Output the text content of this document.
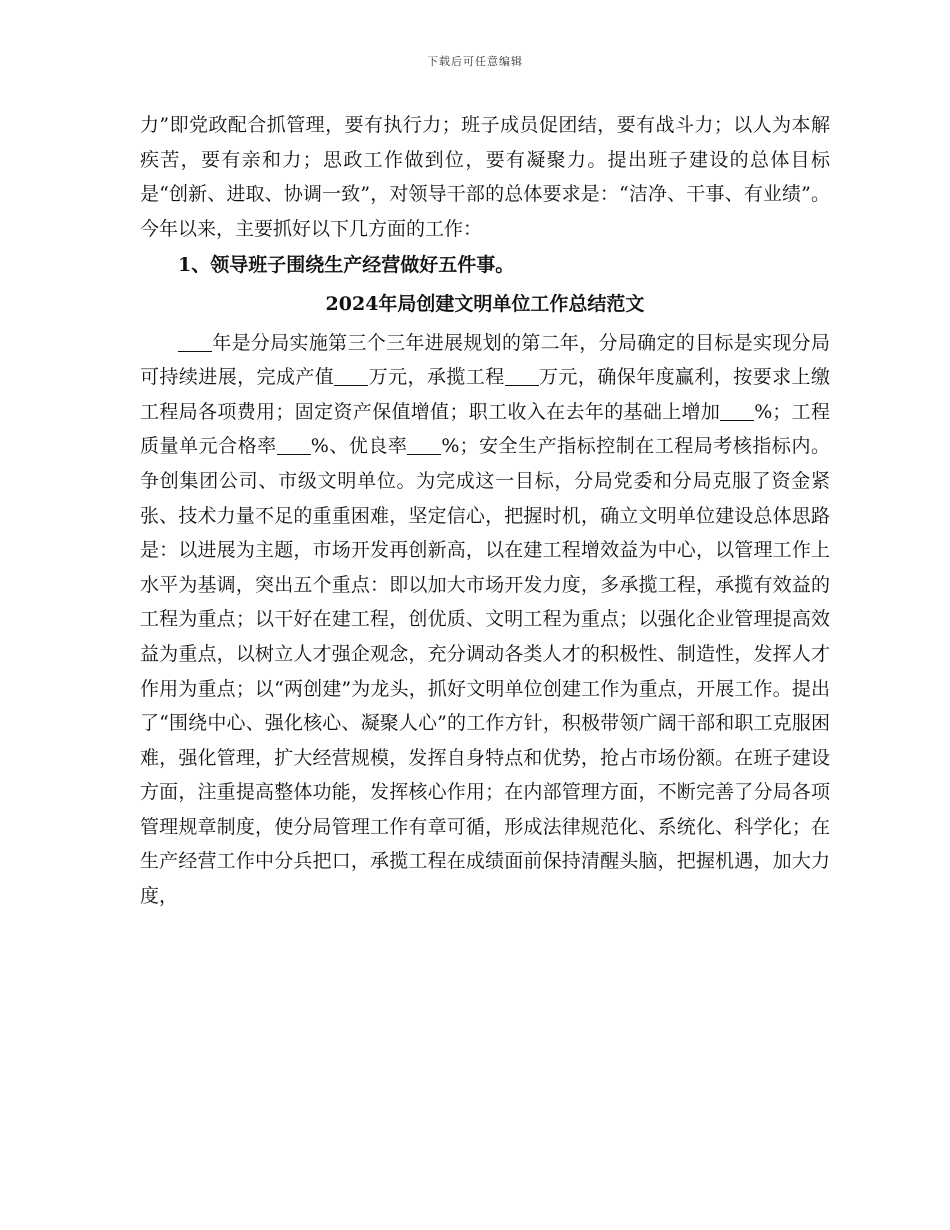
下载后可任意编辑

力”即党政配合抓管理，要有执行力；班子成员促团结，要有战斗力；以人为本解疾苦，要有亲和力；思政工作做到位，要有凝聚力。提出班子建设的总体目标是“创新、进取、协调一致”，对领导干部的总体要求是：“洁净、干事、有业绩”。今年以来，主要抓好以下几方面的工作：

1、领导班子围绕生产经营做好五件事。

2024年局创建文明单位工作总结范文

年是分局实施第三个三年进展规划的第二年，分局确定的目标是实现分局可持续进展，完成产值 万元，承揽工程 万元，确保年度赢利，按要求上缴工程局各项费用；固定资产保值增值；职工收入在去年的基础上增加 %；工程质量单元合格率 %、优良率 %；安全生产指标控制在工程局考核指标内。争创集团公司、市级文明单位。为完成这一目标，分局党委和分局克服了资金紧张、技术力量不足的重重困难，坚定信心，把握时机，确立文明单位建设总体思路是：以进展为主题，市场开发再创新高，以在建工程增效益为中心，以管理工作上水平为基调，突出五个重点：即以加大市场开发力度，多承揽工程，承揽有效益的工程为重点；以干好在建工程，创优质、文明工程为重点；以强化企业管理提高效益为重点，以树立人才强企观念，充分调动各类人才的积极性、制造性，发挥人才作用为重点；以“两创建”为龙头，抓好文明单位创建工作为重点，开展工作。提出了“围绕中心、强化核心、凝聚人心”的工作方针，积极带领广阔干部和职工克服困难，强化管理，扩大经营规模，发挥自身特点和优势，抢占市场份额。在班子建设方面，注重提高整体功能，发挥核心作用；在内部管理方面，不断完善了分局各项管理规章制度，使分局管理工作有章可循，形成法律规范化、系统化、科学化；在生产经营工作中分兵把口，承揽工程在成绩面前保持清醒头脑，把握机遇，加大力度，
